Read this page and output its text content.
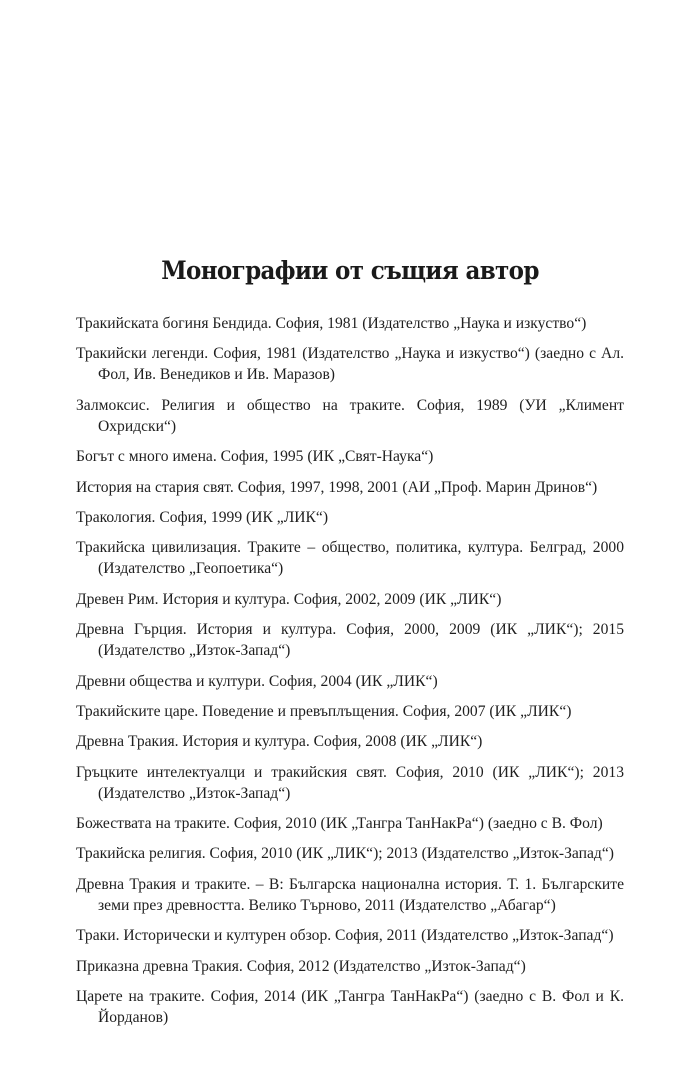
Монографии от същия автор
Тракийската богиня Бендида. София, 1981 (Издателство „Наука и изкуство“)
Тракийски легенди. София, 1981 (Издателство „Наука и изкуство“) (заедно с Ал. Фол, Ив. Венедиков и Ив. Маразов)
Залмоксис. Религия и общество на траките. София, 1989 (УИ „Климент Охридски“)
Богът с много имена. София, 1995 (ИК „Свят-Наука“)
История на стария свят. София, 1997, 1998, 2001 (АИ „Проф. Марин Дринов“)
Тракология. София, 1999 (ИК „ЛИК“)
Тракийска цивилизация. Траките – общество, политика, култура. Белград, 2000 (Издателство „Геопоетика“)
Древен Рим. История и култура. София, 2002, 2009 (ИК „ЛИК“)
Древна Гърция. История и култура. София, 2000, 2009 (ИК „ЛИК“); 2015 (Издателство „Изток-Запад“)
Древни общества и култури. София, 2004 (ИК „ЛИК“)
Тракийските царе. Поведение и превъплъщения. София, 2007 (ИК „ЛИК“)
Древна Тракия. История и култура. София, 2008 (ИК „ЛИК“)
Гръцките интелектуалци и тракийския свят. София, 2010 (ИК „ЛИК“); 2013 (Издателство „Изток-Запад“)
Божествата на траките. София, 2010 (ИК „Тангра ТанНакРа“) (заедно с В. Фол)
Тракийска религия. София, 2010 (ИК „ЛИК“); 2013 (Издателство „Изток-Запад“)
Древна Тракия и траките. – В: Българска национална история. Т. 1. Българските земи през древността. Велико Търново, 2011 (Издателство „Абагар“)
Траки. Исторически и културен обзор. София, 2011 (Издателство „Изток-Запад“)
Приказна древна Тракия. София, 2012 (Издателство „Изток-Запад“)
Царете на траките. София, 2014 (ИК „Тангра ТанНакРа“) (заедно с В. Фол и К. Йорданов)
